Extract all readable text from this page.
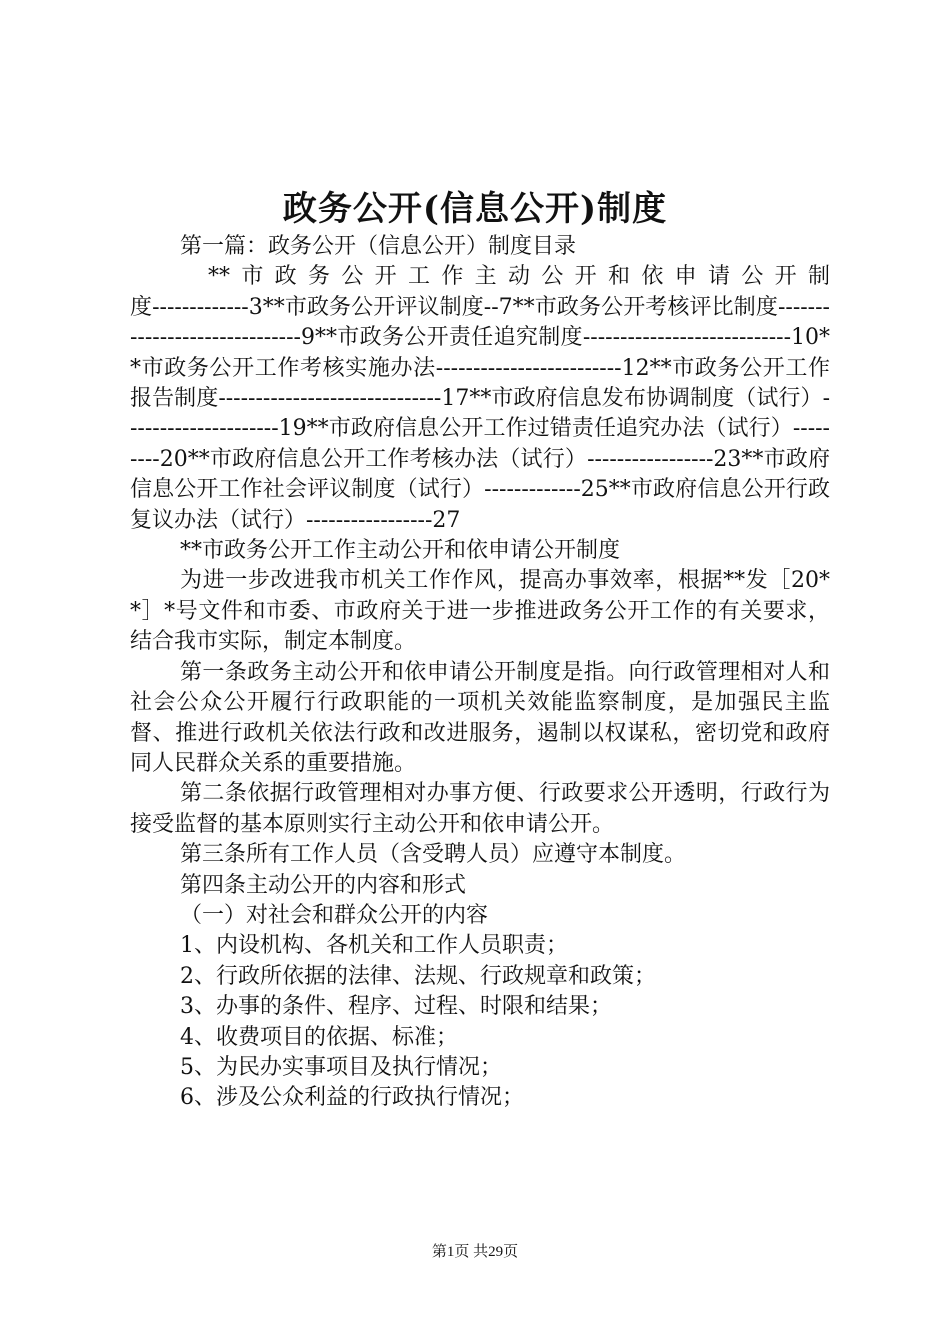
政务公开(信息公开)制度

第一篇：政务公开（信息公开）制度目录

**市政务公开工作主动公开和依申请公开制

度-------------3**市政务公开评议制度--7**市政务公开考核评比制度------------------------------9**市政务公开责任追究制度----------------------------10**市政务公开工作考核实施办法-------------------------12**市政务公开工作报告制度------------------------------17**市政府信息发布协调制度（试行）---------------------19**市政府信息公开工作过错责任追究办法（试行）---------20**市政府信息公开工作考核办法（试行）-----------------23**市政府信息公开工作社会评议制度（试行）-------------25**市政府信息公开行政复议办法（试行）-----------------27

**市政务公开工作主动公开和依申请公开制度

为进一步改进我市机关工作作风，提高办事效率，根据**发［20**］*号文件和市委、市政府关于进一步推进政务公开工作的有关要求，结合我市实际，制定本制度。

第一条政务主动公开和依申请公开制度是指。向行政管理相对人和社会公众公开履行行政职能的一项机关效能监察制度，是加强民主监督、推进行政机关依法行政和改进服务，遏制以权谋私，密切党和政府同人民群众关系的重要措施。

第二条依据行政管理相对办事方便、行政要求公开透明，行政行为接受监督的基本原则实行主动公开和依申请公开。

第三条所有工作人员（含受聘人员）应遵守本制度。

第四条主动公开的内容和形式

（一）对社会和群众公开的内容

1、内设机构、各机关和工作人员职责；

2、行政所依据的法律、法规、行政规章和政策；

3、办事的条件、程序、过程、时限和结果；

4、收费项目的依据、标准；

5、为民办实事项目及执行情况；

6、涉及公众利益的行政执行情况；

第1页 共29页
